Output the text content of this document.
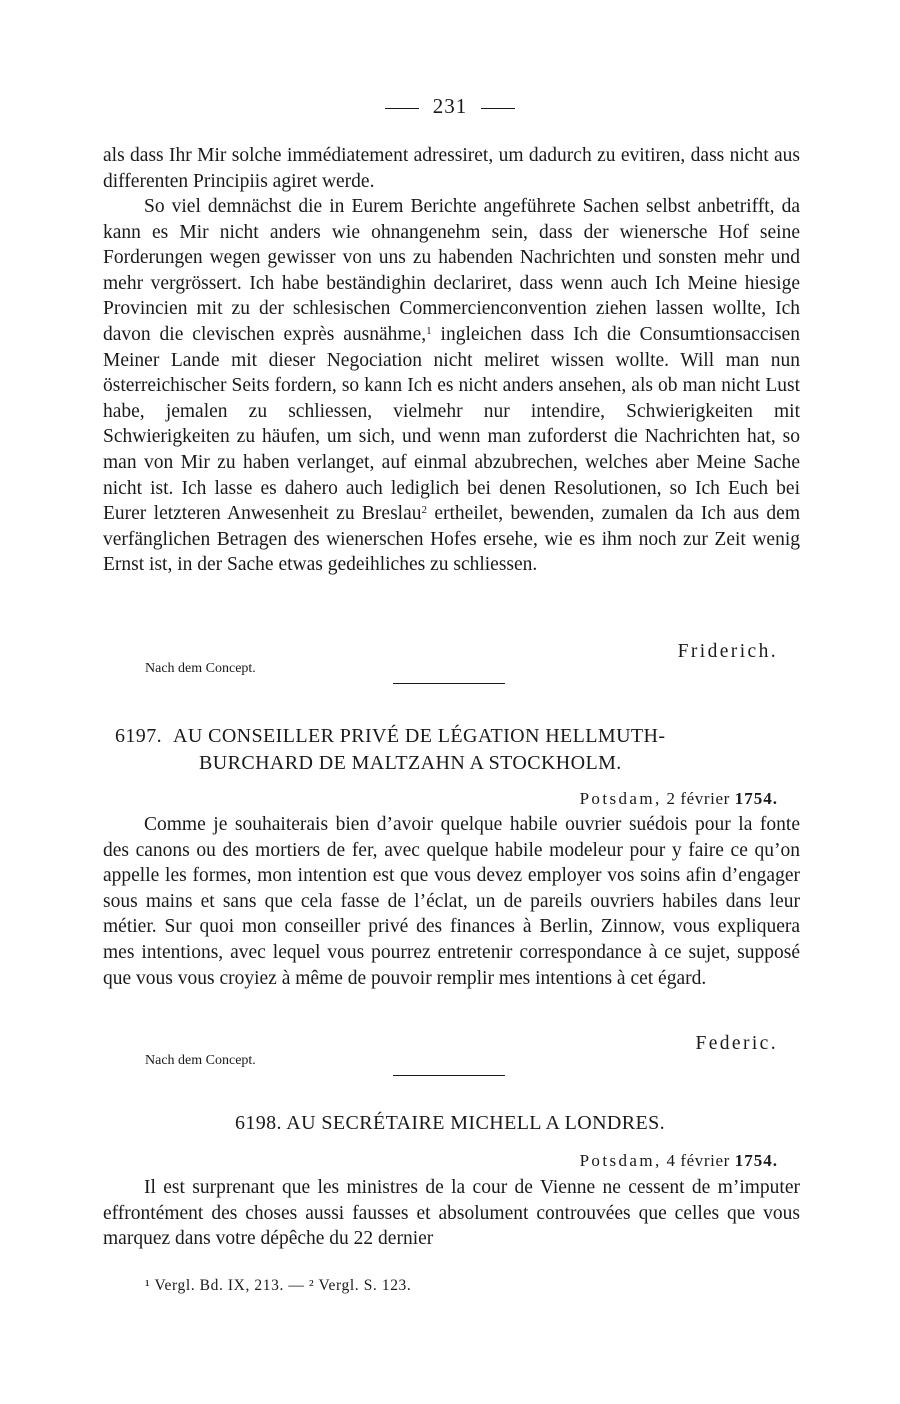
231

als dass Ihr Mir solche immédiatement adressiret, um dadurch zu evitiren, dass nicht aus differenten Principiis agiret werde.

So viel demnächst die in Eurem Berichte angeführete Sachen selbst anbetrifft, da kann es Mir nicht anders wie ohnangenehm sein, dass der wienersche Hof seine Forderungen wegen gewisser von uns zu habenden Nachrichten und sonsten mehr und mehr vergrössert. Ich habe beständighin declariret, dass wenn auch Ich Meine hiesige Provincien mit zu der schlesischen Commercienconvention ziehen lassen wollte, Ich davon die clevischen exprès ausnähme,$^1$ ingleichen dass Ich die Consumtionsaccisen Meiner Lande mit dieser Negociation nicht meliret wissen wollte. Will man nun österreichischer Seits fordern, so kann Ich es nicht anders ansehen, als ob man nicht Lust habe, jemalen zu schliessen, vielmehr nur intendire, Schwierigkeiten mit Schwierigkeiten zu häufen, um sich, und wenn man zuforderst die Nachrichten hat, so man von Mir zu haben verlanget, auf einmal abzubrechen, welches aber Meine Sache nicht ist. Ich lasse es dahero auch lediglich bei denen Resolutionen, so Ich Euch bei Eurer letzteren Anwesenheit zu Breslau$^2$ ertheilet, bewenden, zumalen da Ich aus dem verfänglichen Betragen des wienerschen Hofes ersehe, wie es ihm noch zur Zeit wenig Ernst ist, in der Sache etwas gedeihliches zu schliessen.

Friderich.
Nach dem Concept.

6197. AU CONSEILLER PRIVÉ DE LÉGATION HELLMUTH-
BURCHARD DE MALTZAHN A STOCKHOLM.

Potsdam, 2 février 1754.

Comme je souhaiterais bien d’avoir quelque habile ouvrier suédois pour la fonte des canons ou des mortiers de fer, avec quelque habile modeleur pour y faire ce qu’on appelle les formes, mon intention est que vous devez employer vos soins afin d’engager sous mains et sans que cela fasse de l’éclat, un de pareils ouvriers habiles dans leur métier. Sur quoi mon conseiller privé des finances à Berlin, Zinnow, vous expliquera mes intentions, avec lequel vous pourrez entretenir correspondance à ce sujet, supposé que vous vous croyiez à même de pouvoir remplir mes intentions à cet égard.

Federic.
Nach dem Concept.
6198. AU SECRÉTAIRE MICHELL A LONDRES.
Potsdam, 4 février 1754.

Il est surprenant que les ministres de la cour de Vienne ne cessent de m’imputer effrontément des choses aussi fausses et absolument controuvées que celles que vous marquez dans votre dépêche du 22 dernier

¹ Vergl. Bd. IX, 213. — ² Vergl. S. 123.
